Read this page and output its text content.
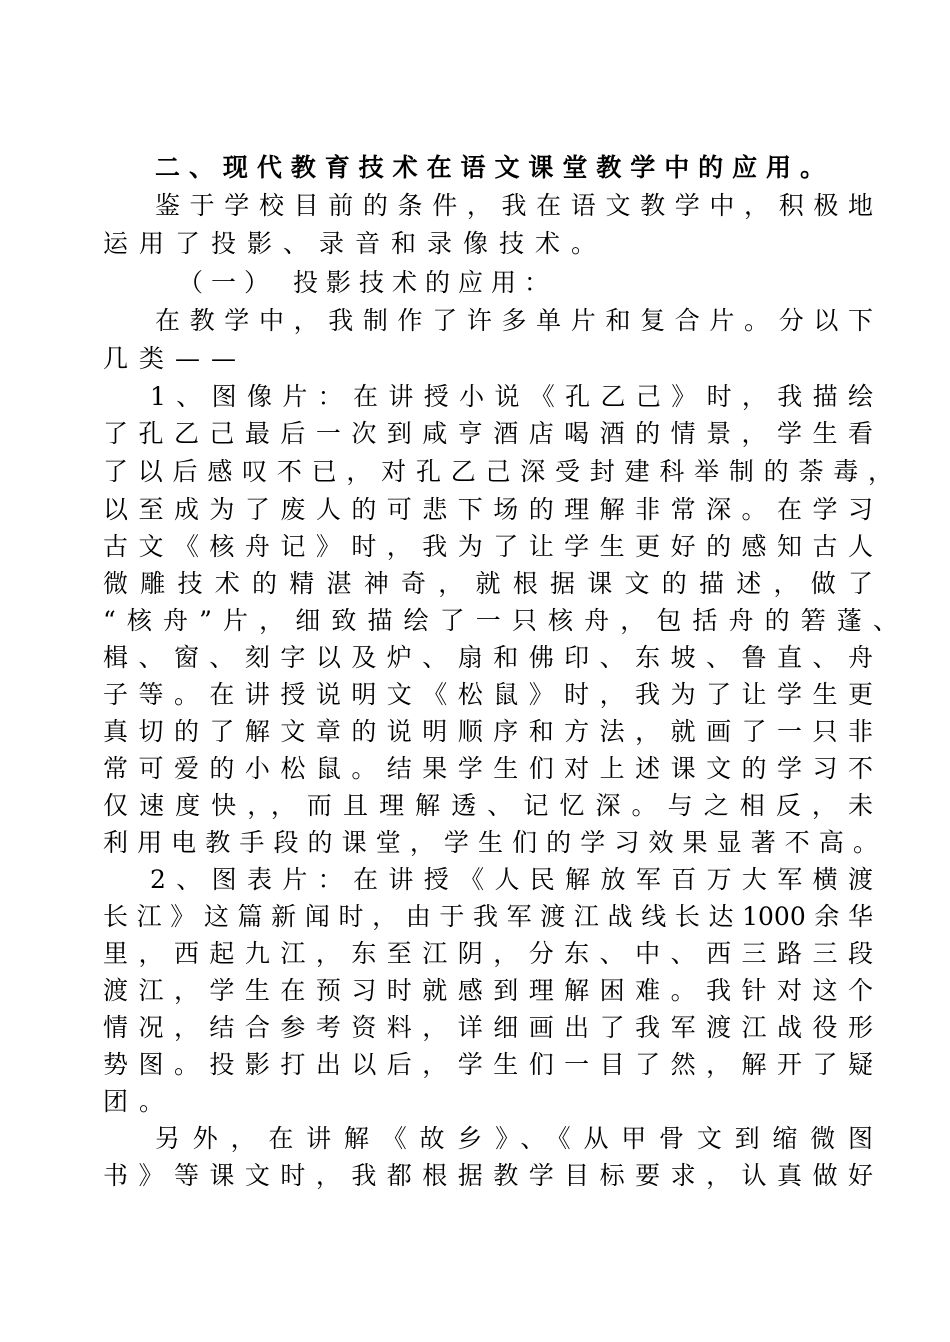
二、现代教育技术在语文课堂教学中的应用。
鉴于学校目前的条件，我在语文教学中，积极地
运用了投影、录音和录像技术。
（一） 投影技术的应用：
在教学中，我制作了许多单片和复合片。分以下
几类——
1、图像片：在讲授小说《孔乙己》时，我描绘
了孔乙己最后一次到咸亨酒店喝酒的情景，学生看
了以后感叹不已，对孔乙己深受封建科举制的荼毒，
以至成为了废人的可悲下场的理解非常深。在学习
古文《核舟记》时，我为了让学生更好的感知古人
微雕技术的精湛神奇，就根据课文的描述，做了
“核舟”片，细致描绘了一只核舟，包括舟的箬蓬、
楫、窗、刻字以及炉、扇和佛印、东坡、鲁直、舟
子等。在讲授说明文《松鼠》时，我为了让学生更
真切的了解文章的说明顺序和方法，就画了一只非
常可爱的小松鼠。结果学生们对上述课文的学习不
仅速度快，，而且理解透、记忆深。与之相反，未
利用电教手段的课堂，学生们的学习效果显著不高。
2、图表片：在讲授《人民解放军百万大军横渡
长江》这篇新闻时，由于我军渡江战线长达1000余华
里，西起九江，东至江阴，分东、中、西三路三段
渡江，学生在预习时就感到理解困难。我针对这个
情况，结合参考资料，详细画出了我军渡江战役形
势图。投影打出以后，学生们一目了然，解开了疑
团。
另外，在讲解《故乡》、《从甲骨文到缩微图
书》等课文时，我都根据教学目标要求，认真做好
